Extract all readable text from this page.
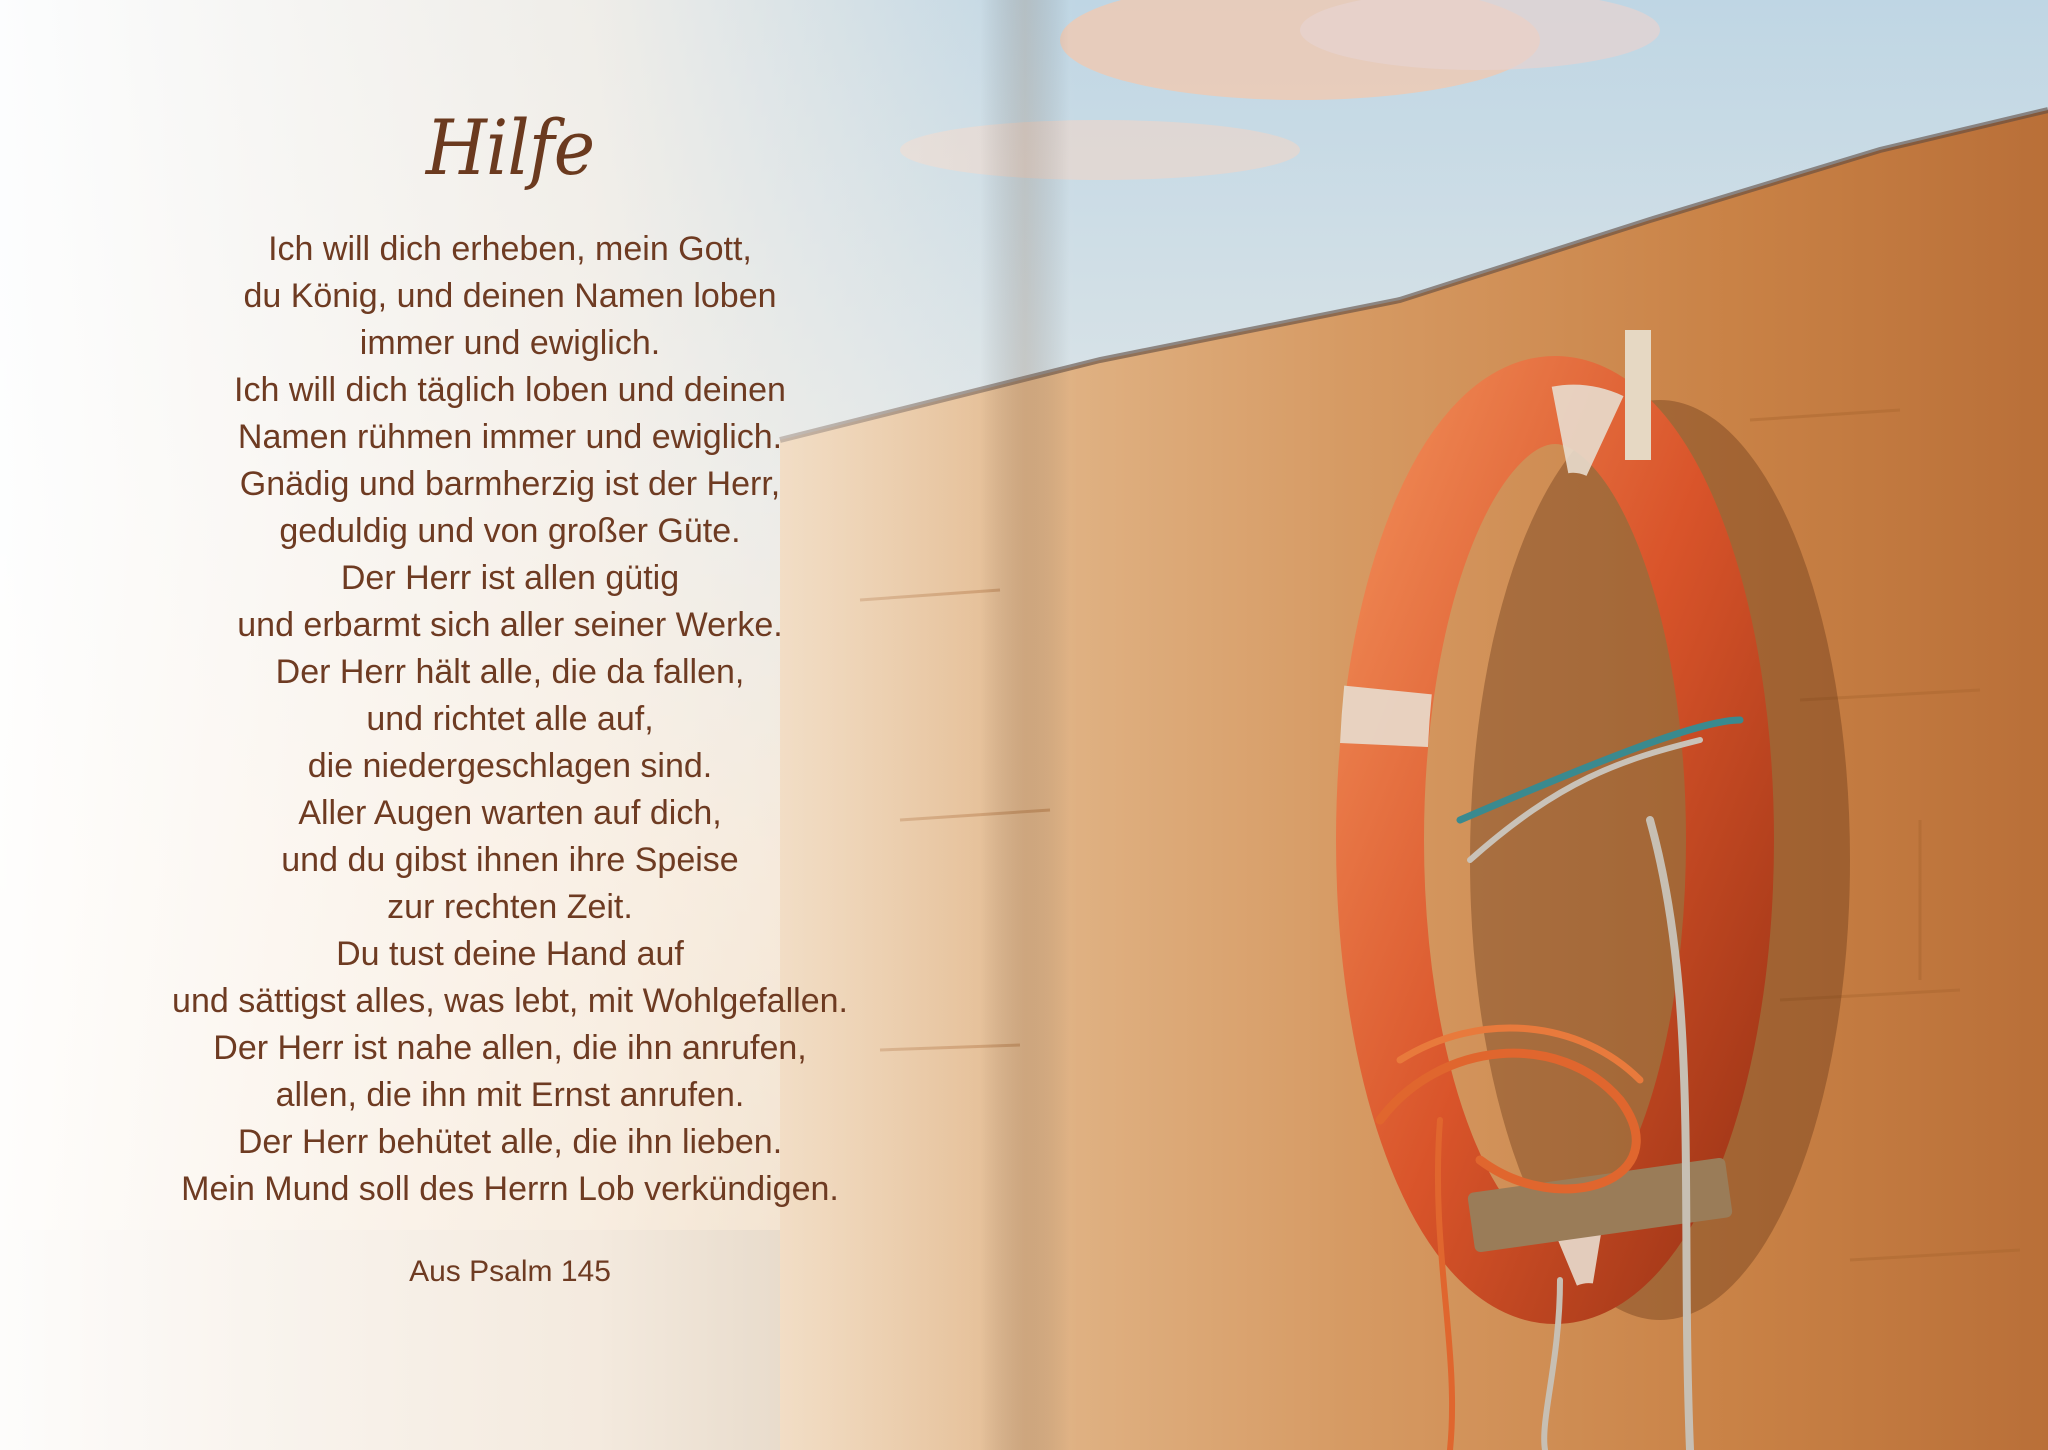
Hilfe
Ich will dich erheben, mein Gott,
du König, und deinen Namen loben
immer und ewiglich.
Ich will dich täglich loben und deinen
Namen rühmen immer und ewiglich.
Gnädig und barmherzig ist der Herr,
geduldig und von großer Güte.
Der Herr ist allen gütig
und erbarmt sich aller seiner Werke.
Der Herr hält alle, die da fallen,
und richtet alle auf,
die niedergeschlagen sind.
Aller Augen warten auf dich,
und du gibst ihnen ihre Speise
zur rechten Zeit.
Du tust deine Hand auf
und sättigst alles, was lebt, mit Wohlgefallen.
Der Herr ist nahe allen, die ihn anrufen,
allen, die ihn mit Ernst anrufen.
Der Herr behütet alle, die ihn lieben.
Mein Mund soll des Herrn Lob verkündigen.
Aus Psalm 145
